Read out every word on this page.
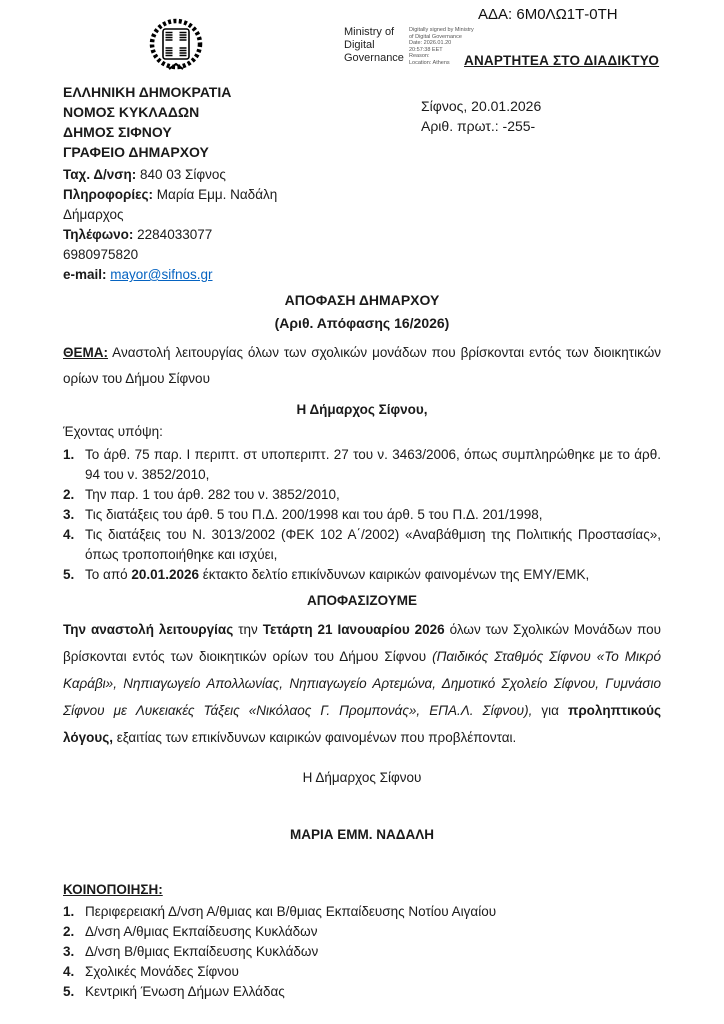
Ministry of
Digital
Governance
Digitally signed by Ministry
of Digital Governance
Date: 2026.01.20
20:57:38 EET
Reason:
Location: Athens
ΑΔΑ: 6Μ0ΛΩ1Τ-0ΤΗ
ΑΝΑΡΤΗΤΕΑ ΣΤΟ ΔΙΑΔΙΚΤΥΟ
ΕΛΛΗΝΙΚΗ ΔΗΜΟΚΡΑΤΙΑ
ΝΟΜΟΣ ΚΥΚΛΑΔΩΝ
ΔΗΜΟΣ ΣΙΦΝΟΥ
ΓΡΑΦΕΙΟ ΔΗΜΑΡΧΟΥ
Σίφνος, 20.01.2026
Αριθ. πρωτ.: -255-
Ταχ. Δ/νση: 840 03 Σίφνος
Πληροφορίες: Μαρία Εμμ. Ναδάλη
Δήμαρχος
Τηλέφωνο: 2284033077
6980975820
e-mail: mayor@sifnos.gr
ΑΠΟΦΑΣΗ ΔΗΜΑΡΧΟΥ
(Αριθ. Απόφασης 16/2026)

ΘΕΜΑ: Αναστολή λειτουργίας όλων των σχολικών μονάδων που βρίσκονται εντός των διοικητικών ορίων του Δήμου Σίφνου

Η Δήμαρχος Σίφνου,
Έχοντας υπόψη:
1. Το άρθ. 75 παρ. Ι περιπτ. στ υποπεριπτ. 27 του ν. 3463/2006, όπως συμπληρώθηκε με το άρθ. 94 του ν. 3852/2010,
2. Την παρ. 1 του άρθ. 282 του ν. 3852/2010,
3. Τις διατάξεις του άρθ. 5 του Π.Δ. 200/1998 και του άρθ. 5 του Π.Δ. 201/1998,
4. Τις διατάξεις του Ν. 3013/2002 (ΦΕΚ 102 Α΄/2002) «Αναβάθμιση της Πολιτικής Προστασίας», όπως τροποποιήθηκε και ισχύει,
5. Το από 20.01.2026 έκτακτο δελτίο επικίνδυνων καιρικών φαινομένων της ΕΜΥ/ΕΜΚ,
ΑΠΟΦΑΣΙΖΟΥΜΕ

Την αναστολή λειτουργίας την Τετάρτη 21 Ιανουαρίου 2026 όλων των Σχολικών Μονάδων που βρίσκονται εντός των διοικητικών ορίων του Δήμου Σίφνου (Παιδικός Σταθμός Σίφνου «Το Μικρό Καράβι», Νηπιαγωγείο Απολλωνίας, Νηπιαγωγείο Αρτεμώνα, Δημοτικό Σχολείο Σίφνου, Γυμνάσιο Σίφνου με Λυκειακές Τάξεις «Νικόλαος Γ. Προμπονάς», ΕΠΑ.Λ. Σίφνου), για προληπτικούς λόγους, εξαιτίας των επικίνδυνων καιρικών φαινομένων που προβλέπονται.

Η Δήμαρχος Σίφνου
ΜΑΡΙΑ ΕΜΜ. ΝΑΔΑΛΗ
ΚΟΙΝΟΠΟΙΗΣΗ:
1. Περιφερειακή Δ/νση Α/θμιας και Β/θμιας Εκπαίδευσης Νοτίου Αιγαίου
2. Δ/νση Α/θμιας Εκπαίδευσης Κυκλάδων
3. Δ/νση Β/θμιας Εκπαίδευσης Κυκλάδων
4. Σχολικές Μονάδες Σίφνου
5. Κεντρική Ένωση Δήμων Ελλάδας
